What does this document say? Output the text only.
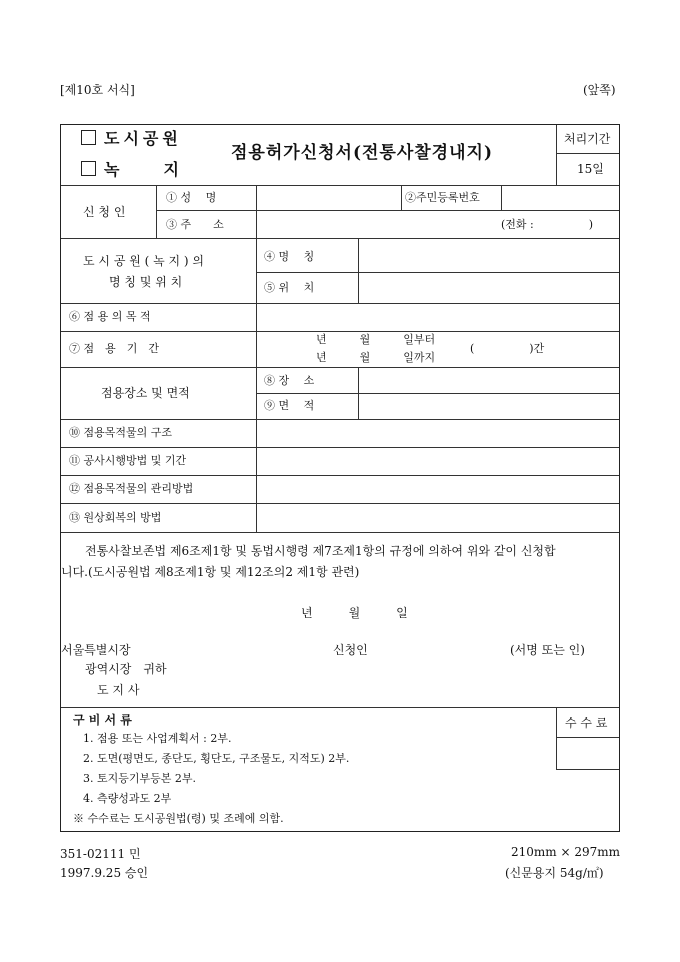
[제10호 서식]	(앞쪽)
도시공원
녹　　지
점용허가신청서(전통사찰경내지)
처리기간
15일
신 청 인
① 성　 명	②주민등록번호
③ 주　　소	(전화 :　　　　　)
도 시 공 원 ( 녹 지 ) 의
명 칭 및 위 치
④ 명　 칭
⑤ 위　 치
⑥ 점 용 의 목 적
⑦ 점　용　기　간
년　　　월　　　일부터
년　　　월　　　일까지
(　　　　　)간
점용장소 및 면적
⑧ 장　 소
⑨ 면　 적
⑩ 점용목적물의 구조
⑪ 공사시행방법 및 기간
⑫ 점용목적물의 관리방법
⑬ 원상회복의 방법
전통사찰보존법 제6조제1항 및 동법시행령 제7조제1항의 규정에 의하여 위와 같이 신청합
니다.(도시공원법 제8조제1항 및 제12조의2 제1항 관련)
년　　　월　　　일
서울특별시장	신청인	(서명 또는 인)
광역시장　귀하
도 지 사
구 비 서 류
1. 점용 또는 사업계획서 : 2부.
2. 도면(평면도, 종단도, 횡단도, 구조물도, 지적도) 2부.
3. 토지등기부등본 2부.
4. 측량성과도 2부
※ 수수료는 도시공원법(령) 및 조례에 의함.
수 수 료
351-02111 민
1997.9.25 승인
210mm × 297mm
(신문용지 54g/㎡)
